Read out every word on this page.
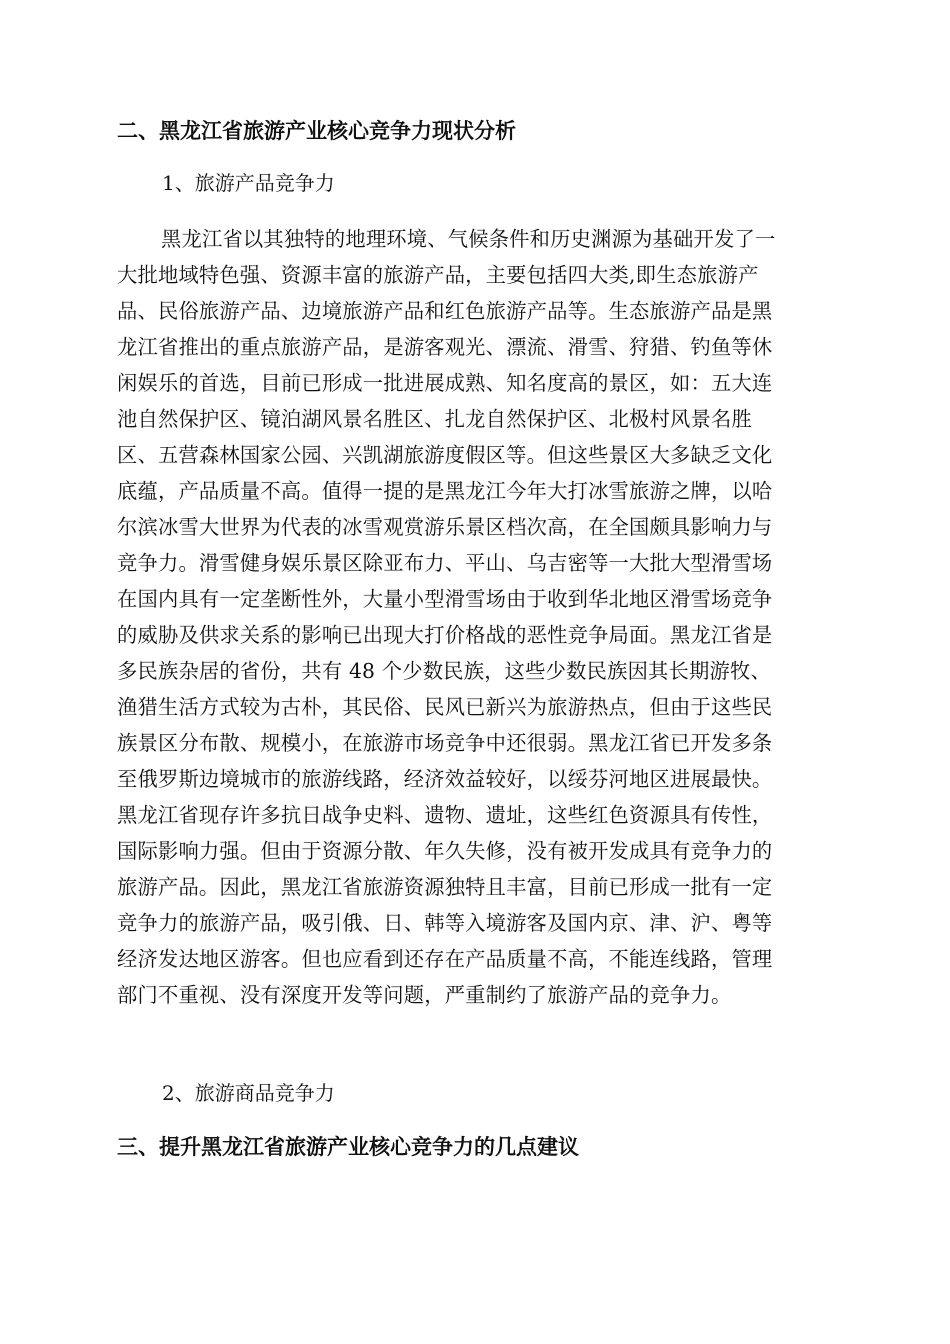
二、黑龙江省旅游产业核心竞争力现状分析
1、旅游产品竞争力
黑龙江省以其独特的地理环境、气候条件和历史渊源为基础开发了一
大批地域特色强、资源丰富的旅游产品，主要包括四大类,即生态旅游产
品、民俗旅游产品、边境旅游产品和红色旅游产品等。生态旅游产品是黑
龙江省推出的重点旅游产品，是游客观光、漂流、滑雪、狩猎、钓鱼等休
闲娱乐的首选，目前已形成一批进展成熟、知名度高的景区，如：五大连
池自然保护区、镜泊湖风景名胜区、扎龙自然保护区、北极村风景名胜
区、五营森林国家公园、兴凯湖旅游度假区等。但这些景区大多缺乏文化
底蕴，产品质量不高。值得一提的是黑龙江今年大打冰雪旅游之牌，以哈
尔滨冰雪大世界为代表的冰雪观赏游乐景区档次高，在全国颇具影响力与
竞争力。滑雪健身娱乐景区除亚布力、平山、乌吉密等一大批大型滑雪场
在国内具有一定垄断性外，大量小型滑雪场由于收到华北地区滑雪场竞争
的威胁及供求关系的影响已出现大打价格战的恶性竞争局面。黑龙江省是
多民族杂居的省份，共有 48 个少数民族，这些少数民族因其长期游牧、
渔猎生活方式较为古朴，其民俗、民风已新兴为旅游热点，但由于这些民
族景区分布散、规模小，在旅游市场竞争中还很弱。黑龙江省已开发多条
至俄罗斯边境城市的旅游线路，经济效益较好，以绥芬河地区进展最快。
黑龙江省现存许多抗日战争史料、遗物、遗址，这些红色资源具有传性，
国际影响力强。但由于资源分散、年久失修，没有被开发成具有竞争力的
旅游产品。因此，黑龙江省旅游资源独特且丰富，目前已形成一批有一定
竞争力的旅游产品，吸引俄、日、韩等入境游客及国内京、津、沪、粤等
经济发达地区游客。但也应看到还存在产品质量不高，不能连线路，管理
部门不重视、没有深度开发等问题，严重制约了旅游产品的竞争力。
2、旅游商品竞争力
三、提升黑龙江省旅游产业核心竞争力的几点建议
